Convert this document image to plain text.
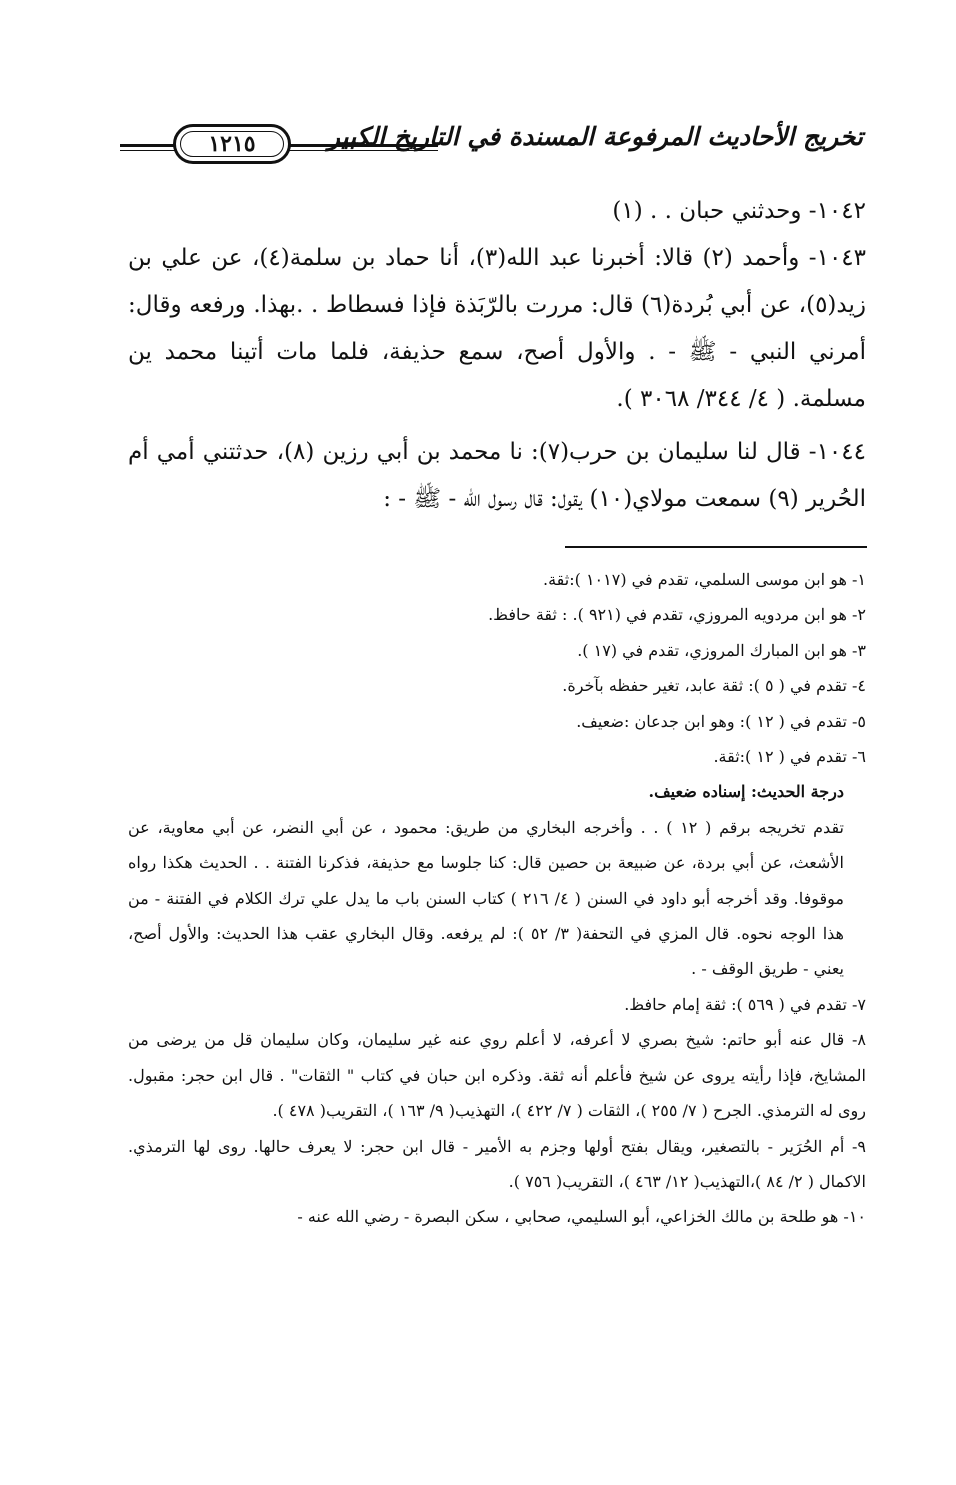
تخريج الأحاديث المرفوعة المسندة في التاريخ الكبير
١٢١٥

١٠٤٢- وحدثني حبان . . (١)

١٠٤٣- وأحمد (٢) قالا: أخبرنا عبد الله(٣)، أنا حماد بن سلمة(٤)، عن علي بن زيد(٥)، عن أبي بُردة(٦) قال: مررت بالرّبَذة فإذا فسطاط . .بهذا. ورفعه وقال: أمرني النبي - ﷺ - . والأول أصح، سمع حذيفة، فلما مات أتينا محمد ين مسلمة. ( ٤/ ٣٤٤/ ٣٠٦٨ ).

١٠٤٤- قال لنا سليمان بن حرب(٧): نا محمد بن أبي رزين (٨)، حدثتني أمي أم الحُرير (٩) سمعت مولاي(١٠) يقول: قال رسول الله - ﷺ - :

١- هو ابن موسى السلمي، تقدم في (١٠١٧ ):ثقة.

٢- هو ابن مردويه المروزي، تقدم في (٩٢١ ). : ثقة حافظ.

٣- هو ابن المبارك المروزي، تقدم في (١٧ ).

٤- تقدم في ( ٥ ): ثقة عابد، تغير حفظه بآخرة.

٥- تقدم في ( ١٢ ): وهو ابن جدعان :ضعيف.

٦- تقدم في ( ١٢ ):ثقة.

درجة الحديث: إسناده ضعيف.

تقدم تخريجه برقم ( ١٢ ) . . وأخرجه البخاري من طريق: محمود ، عن أبي النضر، عن أبي معاوية، عن الأشعث، عن أبي بردة، عن ضبيعة بن حصين قال: كنا جلوسا مع حذيفة، فذكرنا الفتنة . . الحديث هكذا رواه موقوفا. وقد أخرجه أبو داود في السنن ( ٤/ ٢١٦ ) كتاب السنن باب ما يدل علي ترك الكلام في الفتنة - من هذا الوجه نحوه. قال المزي في التحفة( ٣/ ٥٢ ): لم يرفعه. وقال البخاري عقب هذا الحديث: والأول أصح، يعني - طريق الوقف - .

٧- تقدم في ( ٥٦٩ ): ثقة إمام حافظ.

٨- قال عنه أبو حاتم: شيخ بصري لا أعرفه، لا أعلم روي عنه غير سليمان، وكان سليمان قل من يرضى من المشايخ، فإذا رأيته يروى عن شيخ فأعلم أنه ثقة. وذكره ابن حبان في كتاب " الثقات" . قال ابن حجر: مقبول. روى له الترمذي. الجرح ( ٧/ ٢٥٥ )، الثقات ( ٧/ ٤٢٢ )، التهذيب( ٩/ ١٦٣ )، التقريب( ٤٧٨ ).

٩- أم الحُرَير - بالتصغير، ويقال بفتح أولها وجزم به الأمير - قال ابن حجر: لا يعرف حالها. روى لها الترمذي. الاكمال ( ٢/ ٨٤ )،التهذيب( ١٢/ ٤٦٣ )، التقريب( ٧٥٦ ).

١٠- هو طلحة بن مالك الخزاعي، أبو السليمي، صحابي ، سكن البصرة - رضي الله عنه -
